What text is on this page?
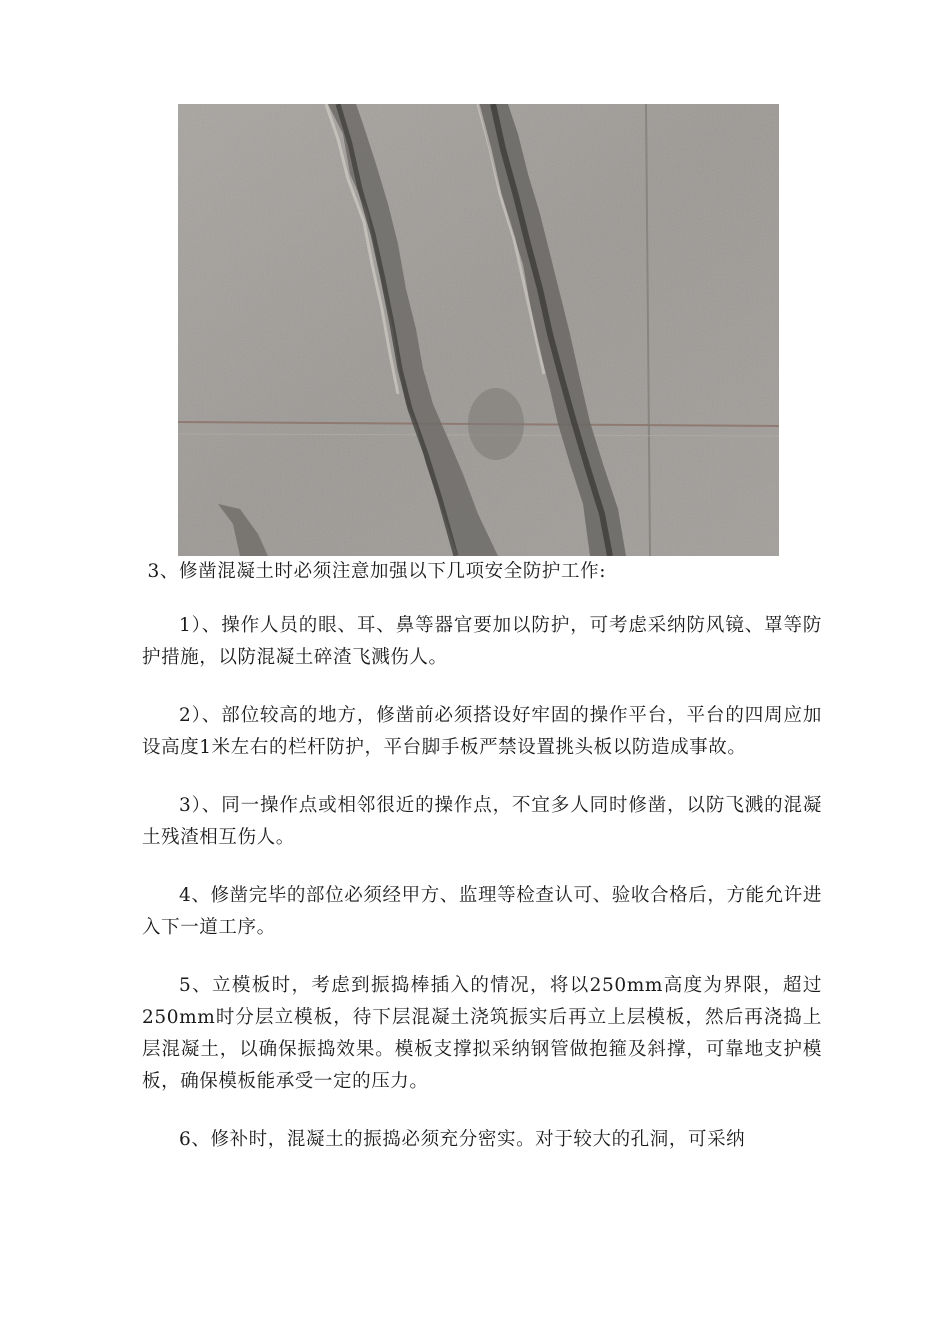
3、修凿混凝土时必须注意加强以下几项安全防护工作:

1）、操作人员的眼、耳、鼻等器官要加以防护，可考虑采纳防风镜、罩等防护措施，以防混凝土碎渣飞溅伤人。

2）、部位较高的地方，修凿前必须搭设好牢固的操作平台，平台的四周应加设高度1米左右的栏杆防护，平台脚手板严禁设置挑头板以防造成事故。

3）、同一操作点或相邻很近的操作点，不宜多人同时修凿，以防飞溅的混凝土残渣相互伤人。

4、修凿完毕的部位必须经甲方、监理等检查认可、验收合格后，方能允许进入下一道工序。

5、立模板时，考虑到振捣棒插入的情况，将以250mm高度为界限，超过250mm时分层立模板，待下层混凝土浇筑振实后再立上层模板，然后再浇捣上层混凝土，以确保振捣效果。模板支撑拟采纳钢管做抱箍及斜撑，可靠地支护模板，确保模板能承受一定的压力。

6、修补时，混凝土的振捣必须充分密实。对于较大的孔洞，可采纳
